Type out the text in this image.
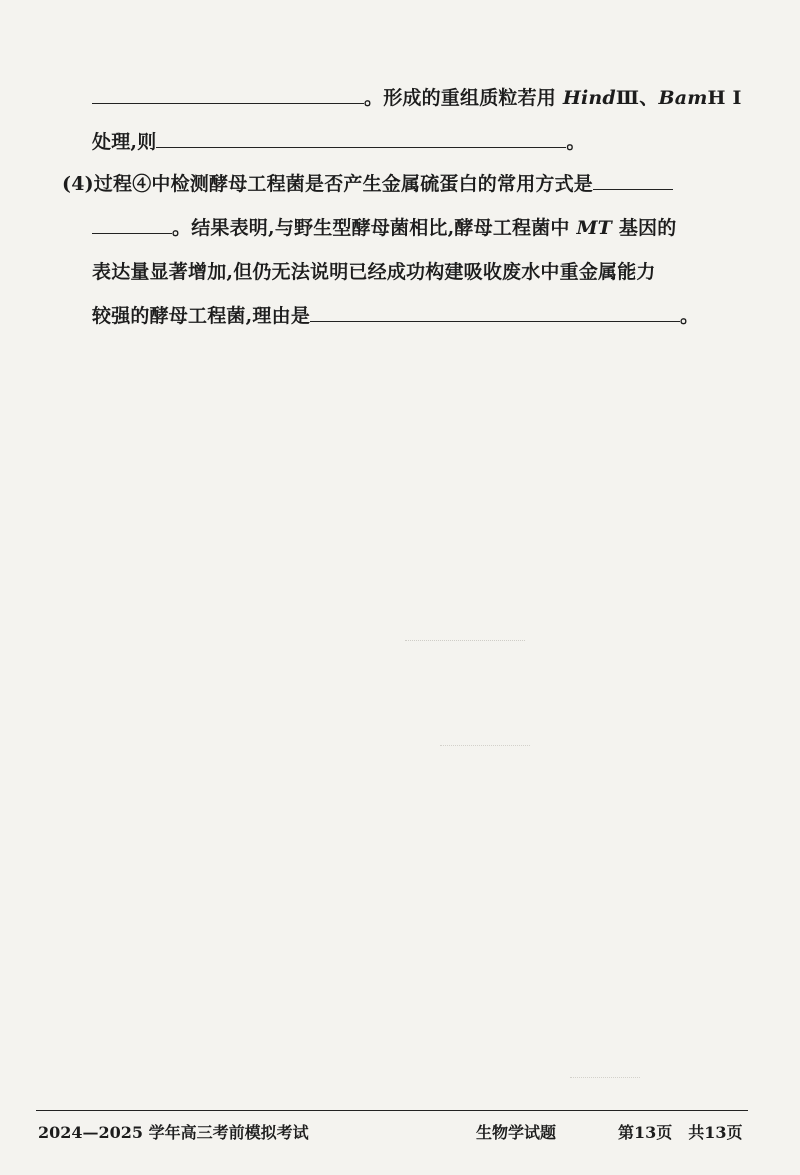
。形成的重组质粒若用 HindⅢ、BamH Ⅰ
处理,则	。
(4)过程④中检测酵母工程菌是否产生金属硫蛋白的常用方式是
。结果表明,与野生型酵母菌相比,酵母工程菌中 MT 基因的
表达量显著增加,但仍无法说明已经成功构建吸收废水中重金属能力
较强的酵母工程菌,理由是	。
2024—2025 学年高三考前模拟考试	生物学试题	第13页　共13页
